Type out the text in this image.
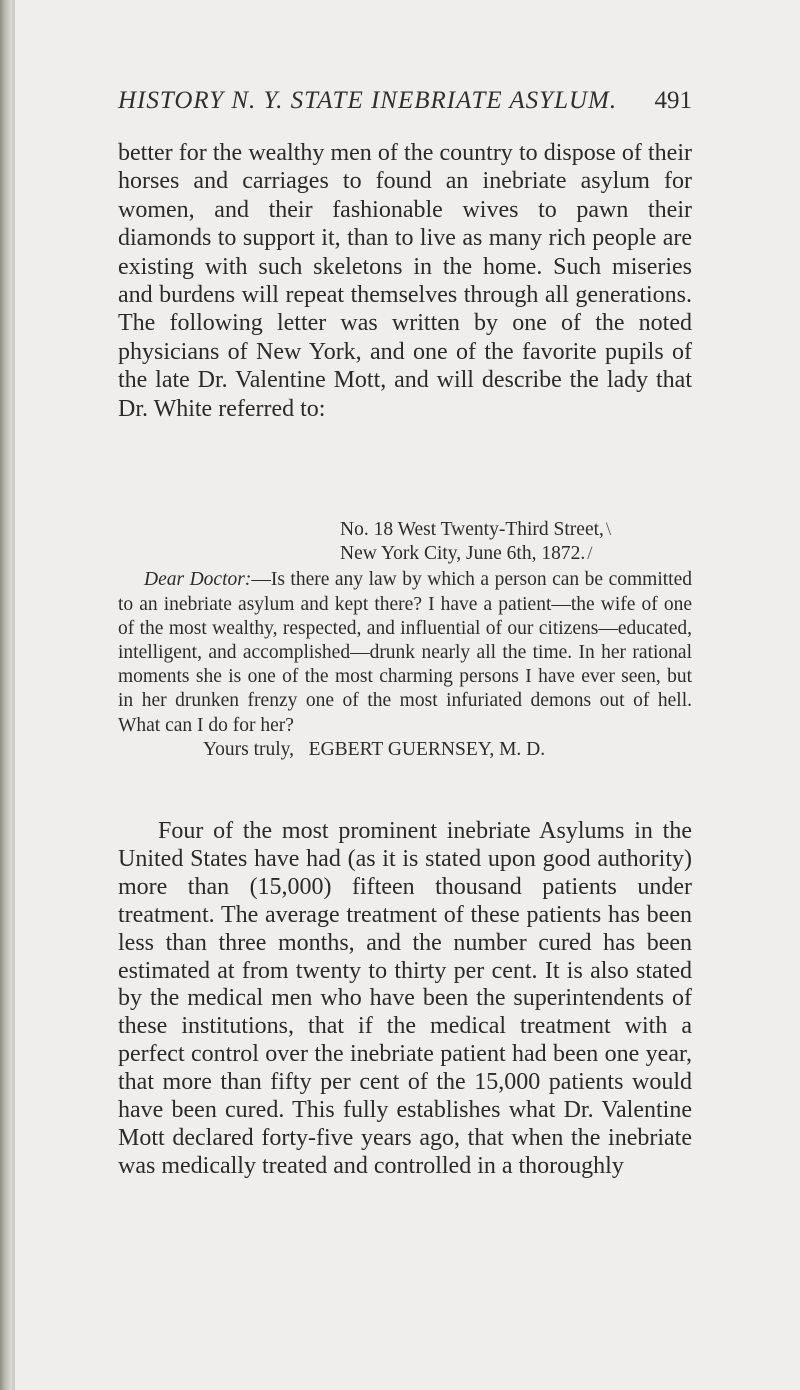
HISTORY N. Y. STATE INEBRIATE ASYLUM. 491

better for the wealthy men of the country to dispose of their horses and carriages to found an inebriate asylum for women, and their fashionable wives to pawn their diamonds to support it, than to live as many rich people are existing with such skeletons in the home. Such miseries and burdens will repeat themselves through all generations. The following letter was written by one of the noted physicians of New York, and one of the favorite pupils of the late Dr. Valentine Mott, and will describe the lady that Dr. White referred to:

No. 18 West Twenty-Third Street, \
New York City, June 6th, 1872. /

Dear Doctor:—Is there any law by which a person can be committed to an inebriate asylum and kept there? I have a patient—the wife of one of the most wealthy, respected, and influential of our citizens—educated, intelligent, and accomplished—drunk nearly all the time. In her rational moments she is one of the most charming persons I have ever seen, but in her drunken frenzy one of the most infuriated demons out of hell. What can I do for her?

Yours truly, EGBERT GUERNSEY, M. D.

Four of the most prominent inebriate Asylums in the United States have had (as it is stated upon good authority) more than (15,000) fifteen thousand patients under treatment. The average treatment of these patients has been less than three months, and the number cured has been estimated at from twenty to thirty per cent. It is also stated by the medical men who have been the superintendents of these institutions, that if the medical treatment with a perfect control over the inebriate patient had been one year, that more than fifty per cent of the 15,000 patients would have been cured. This fully establishes what Dr. Valentine Mott declared forty-five years ago, that when the inebriate was medically treated and controlled in a thoroughly
